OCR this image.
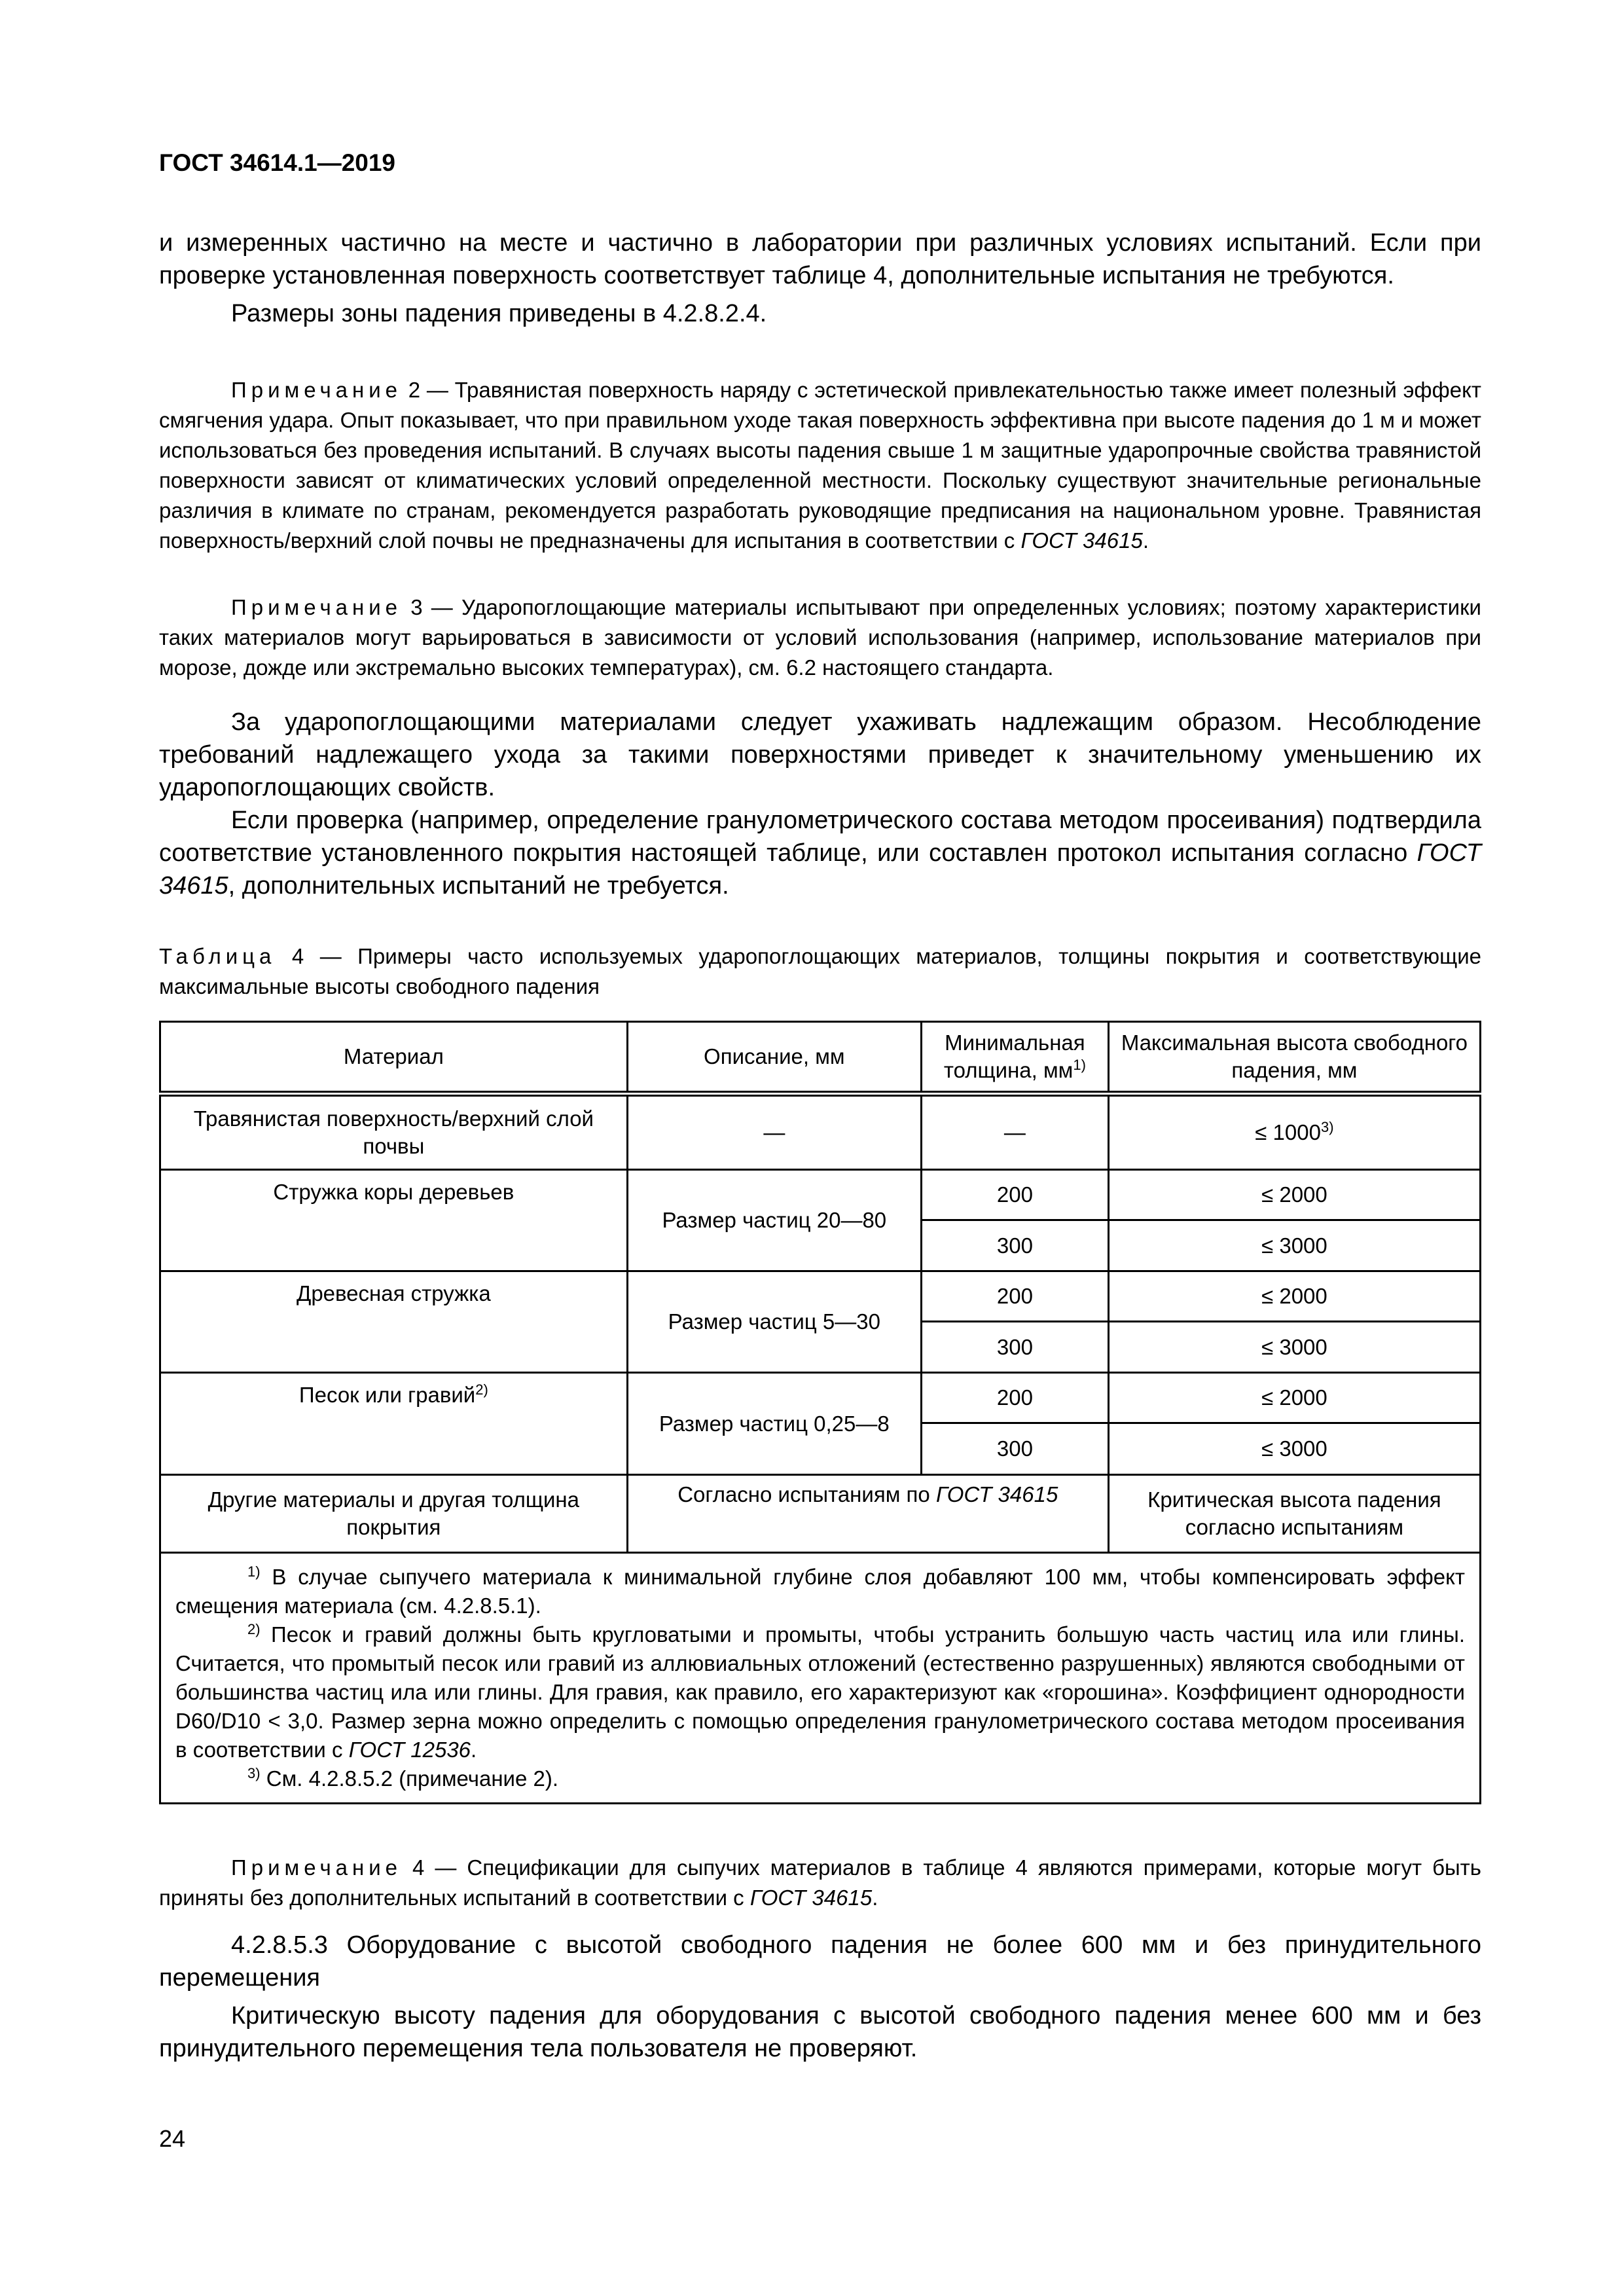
ГОСТ 34614.1—2019

и измеренных частично на месте и частично в лаборатории при различных условиях испытаний. Если при проверке установленная поверхность соответствует таблице 4, дополнительные испытания не требуются.

Размеры зоны падения приведены в 4.2.8.2.4.

Примечание 2 — Травянистая поверхность наряду с эстетической привлекательностью также имеет полезный эффект смягчения удара. Опыт показывает, что при правильном уходе такая поверхность эффективна при высоте падения до 1 м и может использоваться без проведения испытаний. В случаях высоты падения свыше 1 м защитные ударопрочные свойства травянистой поверхности зависят от климатических условий определенной местности. Поскольку существуют значительные региональные различия в климате по странам, рекомендуется разработать руководящие предписания на национальном уровне. Травянистая поверхность/верхний слой почвы не предназначены для испытания в соответствии с ГОСТ 34615.

Примечание 3 — Ударопоглощающие материалы испытывают при определенных условиях; поэтому характеристики таких материалов могут варьироваться в зависимости от условий использования (например, использование материалов при морозе, дожде или экстремально высоких температурах), см. 6.2 настоящего стандарта.

За ударопоглощающими материалами следует ухаживать надлежащим образом. Несоблюдение требований надлежащего ухода за такими поверхностями приведет к значительному уменьшению их ударопоглощающих свойств.

Если проверка (например, определение гранулометрического состава методом просеивания) подтвердила соответствие установленного покрытия настоящей таблице, или составлен протокол испытания согласно ГОСТ 34615, дополнительных испытаний не требуется.

Таблица 4 — Примеры часто используемых ударопоглощающих материалов, толщины покрытия и соответствующие максимальные высоты свободного падения
Материал	Описание, мм	Минимальная толщина, $мм^{1)}$	Максимальная высота свободного падения, мм
Травянистая поверхность/верхний слой почвы	—	—	≤ $1000^{3)}$
Стружка коры деревьев	Размер частиц 20—80	200	≤ 2000
		300	≤ 3000
Древесная стружка	Размер частиц 5—30	200	≤ 2000
		300	≤ 3000
Песок или гравий$^{2)}$	Размер частиц 0,25—8	200	≤ 2000
		300	≤ 3000
Другие материалы и другая толщина покрытия	Согласно испытаниям по ГОСТ 34615		Критическая высота падения согласно испытаниям

$^{1)}$ В случае сыпучего материала к минимальной глубине слоя добавляют 100 мм, чтобы компенсировать эффект смещения материала (см. 4.2.8.5.1).
$^{2)}$ Песок и гравий должны быть кругловатыми и промыты, чтобы устранить большую часть частиц ила или глины. Считается, что промытый песок или гравий из аллювиальных отложений (естественно разрушенных) являются свободными от большинства частиц ила или глины. Для гравия, как правило, его характеризуют как «горошина». Коэффициент однородности D60/D10 < 3,0. Размер зерна можно определить с помощью определения гранулометрического состава методом просеивания в соответствии с ГОСТ 12536.
$^{3)}$ См. 4.2.8.5.2 (примечание 2).			

Примечание 4 — Спецификации для сыпучих материалов в таблице 4 являются примерами, которые могут быть приняты без дополнительных испытаний в соответствии с ГОСТ 34615.

4.2.8.5.3 Оборудование с высотой свободного падения не более 600 мм и без принудительного перемещения

Критическую высоту падения для оборудования с высотой свободного падения менее 600 мм и без принудительного перемещения тела пользователя не проверяют.

24
